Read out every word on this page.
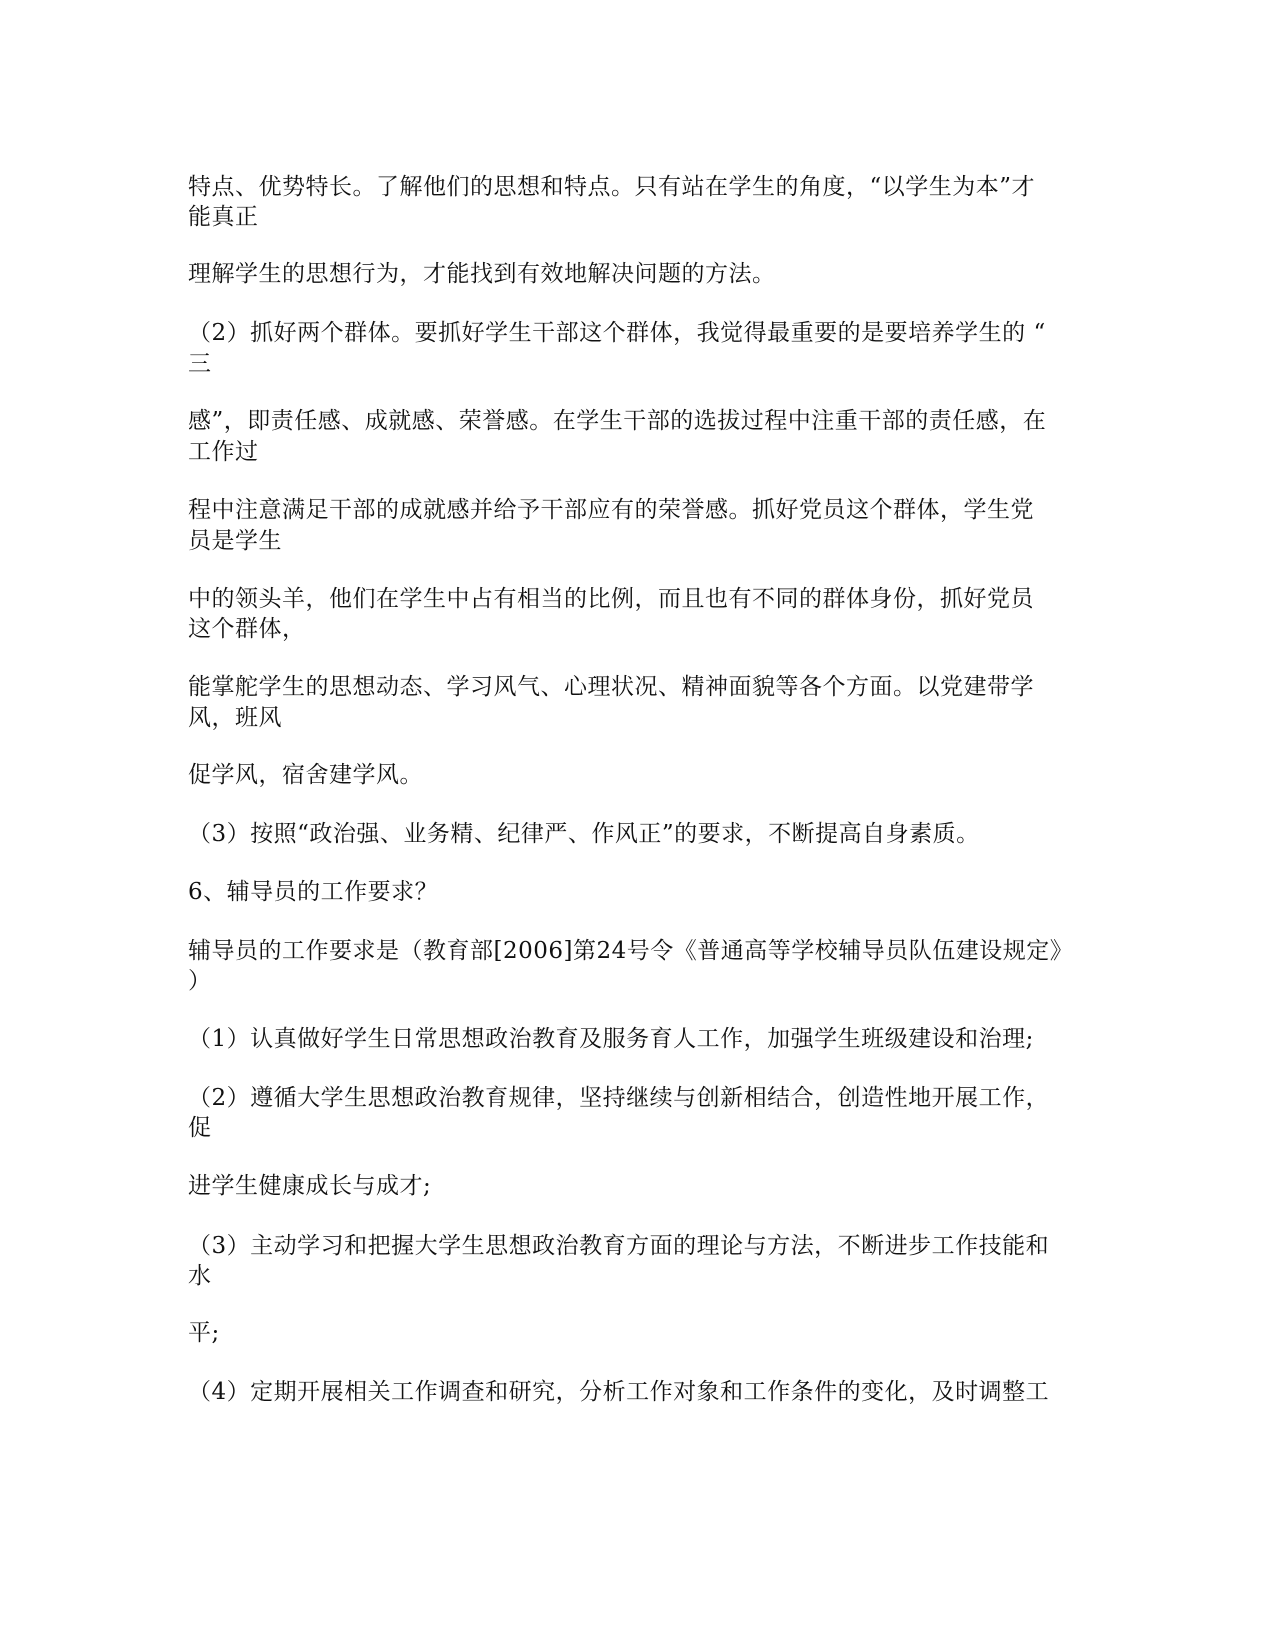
特点、优势特长。了解他们的思想和特点。只有站在学生的角度，“以学生为本”才
能真正
理解学生的思想行为，才能找到有效地解决问题的方法。
（2）抓好两个群体。要抓好学生干部这个群体，我觉得最重要的是要培养学生的 “
三
感”，即责任感、成就感、荣誉感。在学生干部的选拔过程中注重干部的责任感，在
工作过
程中注意满足干部的成就感并给予干部应有的荣誉感。抓好党员这个群体，学生党
员是学生
中的领头羊，他们在学生中占有相当的比例，而且也有不同的群体身份，抓好党员
这个群体，
能掌舵学生的思想动态、学习风气、心理状况、精神面貌等各个方面。以党建带学
风，班风
促学风，宿舍建学风。
（3）按照“政治强、业务精、纪律严、作风正”的要求，不断提高自身素质。
6、辅导员的工作要求？
辅导员的工作要求是（教育部[2006]第24号令《普通高等学校辅导员队伍建设规定》
）
（1）认真做好学生日常思想政治教育及服务育人工作，加强学生班级建设和治理;
（2）遵循大学生思想政治教育规律，坚持继续与创新相结合，创造性地开展工作，
促
进学生健康成长与成才;
（3）主动学习和把握大学生思想政治教育方面的理论与方法，不断进步工作技能和
水
平;
（4）定期开展相关工作调查和研究，分析工作对象和工作条件的变化，及时调整工
